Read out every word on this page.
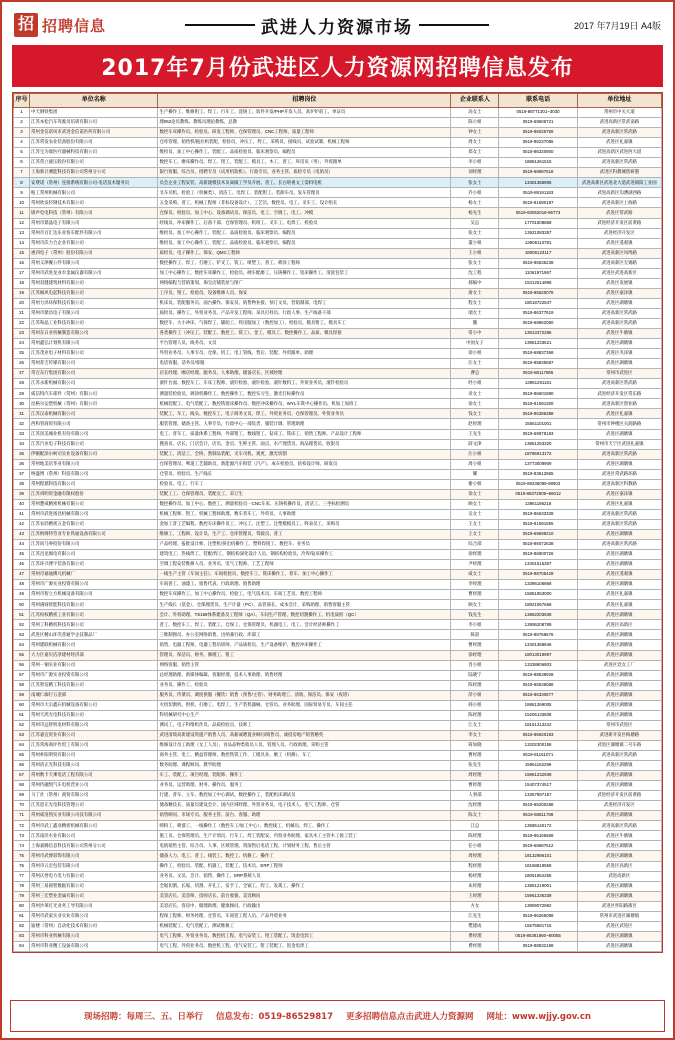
招 招聘信息	武进人力资源市场	2017 年7月19日 A4版
2017年7月份武进区人力资源网招聘信息发布
序号	单位名称	招聘岗位	企业联系人	联系电话	单位地址
1	中天钢铁集团	生产操作工、维修钳工、焊工、行车工、浇铸工、软件开发/PHP开发人员、高炉炉前工、单证员	高女士	0519-88771301~3030	常州市中关大道
2	江苏本松汽车驾驶员培训有限公司	理062论员教练、教练员理论教练、总教	陈小姐	0519-69606721	武进高新区常武南路
3	常州金信诺凤市武进金信诺医药有限公司	数控车床操作员、检验员、研发工程师、仓保管理员、CNC工程师、质量工程师	钟女士	0519-86025769	武进高新区常武路
4	江苏常发农业装备股份有限公司	仓库管理、销售机/拖拉机装配、检验员、冲压工、焊工、采购员、接线员、试验试制、机械工程师	周女士	0519-86237086	武进区礼嘉镇
5	江苏宝为康医疗器械科技有限公司	维检员、加工中心操作工、装配工、品质检验员、临床观察员、编程员	郑女士	0519-86320900	武进高新区武进西大道
6	江苏常立液压股份有限公司	数控车工、磨床操作员、焊工、钳工、装配工、模具工、木工、普工、库房员（男）、外贸跟单	李小姐	18861261515	武进高新区常武路
7	上海新计测能科技有限公司常州分公司	银行客服、综合员、招聘专员（试用机软机）、行政专员、业务主管、质检专员（电销员）	刘经理	0519-68987518	武进区科教城创研港
8	安费诺（常州）连接系统有限公司-电话技术服务员	员会企业工程安装、高新建模技术员离做工学及开展、普工、长白班视文工需料电机	张女士	13401365906	武进高新区武进北大道武进镇阳工业园
9	帕工常州机械有限公司	叉车司机、检验工（机械类）、清洁工、电焊工、装配钳工、装卸车员、发车管理员	乔小姐	0519-89191183	武进高新区沟漕湖西路
10	常州欣发轻钢技术有限公司	五金采购、普工、机械工程师（非标设备设计）、工艺员、数控员、电工、叉车工、设计组长	杨女士	0519-81690197	武进高新区上海路
11	锦声电电科技（常州）有限公司	仓保员、检验员、加工中心、设备调试员、保洁员、电工、空调工、电工、冲模	杨先生	0519-83052018-86773	武进区常武路
12	常州市鼎晶电子有限公司	经线员、冲床操作工、后备干部、仓保管理员、机组工、叉车工、电焊工、检验员	吴总	17701508858	武进经济开发区前黄路
13	常州市百汇达乐业客车配件有限公司	维检员、加工中心操作工、装配工、品质检验员、临床观察员、编程员	张女士	13921083357	武进经济开发区
14	常州市沃力合企业有限公司	维检员、加工中心操作工、装配工、品质检验员、临床观察员、编程员	董小姐	13906113781	武进区遥观镇
15	惠四电子（常州）股份有限公司	质检员、电子操作工、保安、QMC工程师	王小姐	18006123117	武进高新区凤鸣路
16	常州义津餐公件有限公司	数控操作工、焊工、打磨工、铲叉工、铣工、喷塑工、普工、喷涂工程师	张女士	0519-86535238	武进高新区无锡路
17	常州市武进龙业水金属仪器有限公司	加工中心操作工、数控车床操作工、检验员、硬车配磨工、压铸操作工、铝床操作工、清洗包装工	沈工程	11061971967	武进区武进高新区
18	常州双健建筑材料有限公司	网络编程与营销策划、淘宝店铺装屋与图广	郝编中	15312514998	武进区发展镇
19	江苏佩风电起科技有限公司	工序员、钳工、检验员、设备维修人员、保安	俞女士	0519-85520078	武进区嘉泽镇
20	常州力泽环保科技有限公司	机床员、装配服务员、面台操作、保安员、销售物业接、预订文员、营销制部、电焊工	程女士	18018722547	武进区湖塘镇
21	常州市鼎昌电子有限公司	质检员、操作工、外贸业务员、产品开发工程师、采具打样员、行政人事、生产线备干部	端女士	0519-86377519	武进高新区常武路
22	江苏和晶工业科技有限公司	数控车、大小冲床、气保焊工、辅助工、铁送服加工（数控加工）、检验员、模具钳工、模具车工	魏	0519-68862060	武进高新区常武路
23	常州东日业机械制造有限公司	各类操作工（冲压工、装配工、数控工、铣工）、金工、模具工、数控操作工、品质、模具焊接	常小中	13813372286	武进区牛塘镇
24	常州鑫弘计划机有限公司	平台管理人员、线务员、文员	中国女子	13961233621	武进区湖塘镇
25	江苏茂业电子材料有限公司	外贸业务员、人事专员、仓保、机工、电工管线、售后、装配、外贸跟单、助理	徐小姐	0519-68837368	武进区夹泽镇
26	常州荐吉传媒有限公司	电话客服、话务员/客服	汪女士	0519-85835687	武进区湖塘镇
27	常百东行集团有限公司	店长经理、咖店经理、服务员、人事助理、储备店长、区域经理	曹总	0519-88117865	常州市武进区
28	江苏永新机械有限公司	滚针台面、数控车工、车床工程师、滚针检验、滚针检验、滚针数料工、外贸业务员、滚针检验员	经小姐	13961291151	武进高新区常武路
29	威信特汽车部件（常州）有限公司	测量装检验员、调涂机操作工、数控操作工、数控实习生、激光打标操作员	章女士	0519-86601980	武进经济开发区常东路
30	昆格尔运塑机械（常州）有限公司	机械装配工、电气装配工、数控铣镗床操作员、数控冲床操作员、WYL车铣中心操作员、机加工加班工	徐女士	0519-81591300	武进高新区创业路
31	江苏汉泰机械有限公司	装配工、车工、线头、数控车工、电子商务文员、焊工、外贸业务员、仓保管理员、外贸业务员	钱女士	0519-86386388	武进区礼嘉镇
32	西和管商贸有限公司	服装管理、储备主管、人事专员、行政中心一部负责、服装计调、管理助理	赵经理	15061101001	常州市钟楼区关润路路
33	江苏顶美城业机有份有限公司	电工、普车工、质量体系工程师、外部钳工、数线钳工、钻床工、铣床工、销售工程师、产品设计工程师	王先生	0519-69878183	武进区湖塘镇
34	江苏汽业电子科技有限公司	搜查员、店长、门店会计、店员、金员、生鲜主管、面点、水产理货员、海品理货员、收银员	薛文津	13861253320	常州市天宁区武进礼嘉镇
35	伊顿配涂尔柯司实业设备有限公司	装配工、清洁工、全终、然制品装配、叉车司机、观更、激光切割	汪小姐	18796913172	武进高新区常武路
36	常州地美培华业有限公司	仓保管理员、啤道工艺辅助员、新能源汽车组装（汽产）、成车检验员、结构设计师、研发员	周小姐	13773008909	武进区湖塘镇
37	纳盛博（常州）科技有限公司	仓管员、检验员、生产线长	耀	0519-83612865	武进区常武路环路
38	常州程鼎科技有限公司	检验员、电工、行车工	谢小姐	0519-88236099-88503	武进高新区科教路
39	江苏舜明贸金融有限权股份	装配工工、仓保管理员、装配女工、采订生	徐女士	0519-88372909~86012	武进区嘉泽镇
40	常州楚威精密机械有限公司	数控操作员、加工中心、数控工、测量检验员一CNC车床、压铸机操作员、清洁工、三坐标检测员	顾女士	13961196218	武进区礼嘉镇
41	常州市武进扬昌机械有限公司	机械工程师、钳工、机械工程师助理、数车普车工、外贸员、人事助理	吴女士	0519-86633328	武进高新区常武路
42	江苏农轻精密五金有限公司	金加工普工艺编程、数控车床操作员工、冲压工、注塑工、注塑模模具工、终表员工、采购员	王女士	0519-81591555	武进高新区常武路
43	江苏纳姆特劳业专业铁通设备有限公司	维修工、工程师、设计员、生产工、仓库管理员、驾驶员、普工	王女士	0519-69699210	武进区湖塘镇
44	江苏同马界投份有限公司	产品经理、报批设计师、注塑机/挤出机操作工、塑料焊接工、数控车、业务员	综合部	0519-86072638	武进高新区常武路
45	江苏昌龙阀电有限公司	建筑电工、热线焊工、装配/焊工、钢结构深化设计人员、钢结构检验员、冷库/钻床操作工	徐经理	0519-86900726	武进区湖塘镇
46	江苏环兴博宇装备有限公司	空调工程安装维修人员、业务员、电气工程师、工艺工程师	尹经理	13401515367	武进区湖塘镇
47	常州市通通佛凡机械厂	一线生产主管（车间主任）、车间检验员、数控车工、铣床操作工、普车、加工中心操作工	威女士	0519-88705428	武进区遥观镇
48	常州市广源实业投资有限公司	车间普工、油漆工、销售代表、行政助理、销售助理	李经理	13396106868	武进区湖塘镇
49	常州市智立方机械设备有限公司	数控车床操作工、加工中心操作员、检验工、电气技术员、车间工艺员、数控工程师	曹经理	15851953000	武进区礼嘉镇
50	常州满商智能科技有限公司	生产线长（基金）、仓保理货员、生产计量（PC）、品管部长、成本会计、采购助理、销售客服主管	顾女士	18921067668	武进区礼嘉镇
51	江苏权权精密工业有限公司	会计、外贸助理、TS169体系建备及工程师（QA）、车间生产管理、数控切割操作工、机电质检（QC）	钱先生	13862203939	武进区湖塘镇
52	常州工科精机科技有限公司	普工、数控车工、焊工、装配工、仓保工、仓保管理员、机器电工、电工、会计经济师操作工	李小姐	13906208789	武进区高新区
53	武进区精山环笑普通学企技制品厂	三维制图员、办公室网络销售、出纳兼行政、库部工	陈晨	0519-88769676	武进区湖塘镇
54	常州建联机械有限公司	销售、电器工程师、电器工程培训师、产品质检员、生产设备维护、数控冲床操作工	曹经理	13401368846	武进区湖塘镇
55	大力区嘉贝洁净建材经济部	管理员、保洁员、财务、修理工、钳工	徐经理	18013019997	武进区湖塘镇
56	常州一铜实业有限公司	网络客服、销售主管	肖小姐	13338806803	武进区党女工厂
57	常州市广源实业投资有限公司	总经理助理、新媒体编辑、客服经理、技术人事助理、销售经理	陆晓宁	0519-88539928	武进区湖塘镇
58	江苏智信精工科技有限公司	业务员、操作工、检验员	陈经理	0519-85536088	武进区湖塘镇
59	南城仁廊行五金部	服务员、传菜员、调度供服（餐饮）销售（预售/主管）、财务助理工、清收、保洁员、保安（夜班）	萍小姐	0519-86330677	武进区湖塘镇
60	常州市大宗鑫石机械设备有限公司	火机切割机、钳机、打磨工、电焊工、生产装机器械、仓管员、业务助理、国际贸易专员、车间主任	韩小姐	18861269005	武进区湖塘镇
61	常州天鸿光电科技有限公司	科机械研究中心生产	陈经理	15206133508	武进区湖塘镇
62	常州市远智机电材料有限公司	测试工、电子科维机作员、品质检验员、技师工	江女士	18151213222	常州市武进区
63	江苏嘉宜贸业有限公司	武进清境高新建设筑施产销售人员、高薪诚聘置业顾问/销售员、诚招房地产销售精英	李女士	0519-86920183	武进新开发区梅塘路
64	江苏常海商评作贸工有限公司	维修设计员工助理（女工人员）、食品品物类收员人员、管理人员、行政助理、采购主管	简如晓	13202300158	武进区湖塘镇二号车路
65	常州朴阳明贸有限公司	商务主管、电工、精益管理师、数控铁铣工作、工模具业、磨工（机修）、车工	曹经理	0519-81161071	武进高新区常武路
66	常州清正光科技有限公司	数务助理、课程顾问、教学助理	张先生	15961162299	武进区湖塘镇
67	常州数卡天乘电话工程有限公司	车工、装配工、项目经理、装配师、操作工	周经理	15961232939	武进区湖塘镇
68	常州传融凯气车电机营业公司	业务员、运营助理、财务、操作员、服务工	曹经理	15407374517	武进区湖塘镇
69	马丁社（常州）商贸有限公司	行建、普车、立车、数控加工中心调试、数控操作工、装配机床调试员	人事部	13357897157	武进经济开发区前黄路
70	江苏恩正光电科技管理公司	储备精技长、质量员建设会计、国内区域经理、外贸业务员、电子技术人、电气工程师、仓管	沈经理	0519-85200288	武进经济开发区
71	常州威洛凯实业有限公司技有限公司	销售顾问、市场专员、服务主管、前台、客服、助理	陈女士	0519-68811788	武进区湖塘镇
72	常州市武工鑫业精密机械有限公司	喷粉工、喷漆工、一线操作工（数控车工/加工中心）、数控线工、机械员、焊工、操作工	江总	13585140172	武进高新区常武路
73	江苏南洋水业有限公司	施工员、仓保管理员、生产计划员、行车工、焊工装配安、内贸业务助理、家具木工主管木工接工装工	陈经理	0519-86165668	武进区牛塘镇
74	上海嘉腾信息科技有限公司常州分公司	电销销售主管、综合员、人事、区域管理、资深售后电话工程、计划财务工程、售后主管	任小姐	0519-68687512	武进区湖塘镇
75	常州市武博彩饰有限公司	储备人力、电工、普工、线装工、数控工、机修工、操作工	周经理	18132986101	武进区湖塘镇
76	常州市五宏包装有限公司	操作工、检验员、装配、机器工、装配工、技术员、ERP工程师	程经理	18168819558	武进区高新区
77	常州庆誉电力电力有限公司	业务员、文员、会计、销售、操作工、ERP系统人员	杨经理	18051952255	武进高新区
78	常州三易圆智数据有限公司	全锯切割、长锯、切割、开孔工、发手工、全锯工、焊工、发裁工、操作工	朱经理	13861219001	武进区湖塘镇
79	常州三宏塑业金属有限公司	美容店长、美容师、技师店长、前台收银、美容顾问	王经理	15961236339	武进区湖塘镇
80	常州沙莱灯光业务工导有限公司	美容店长、客房中、储理助理、健康顾问、行政输出	方女	13809072982	武进区怀阳路街区
81	常州市武家实业实业有限公司	程保工程师、财务经理、仓管员、车间管工程人员、产品外贸业务	江先生	0519-86265088	常州市武进区湖塘镇
82	迪楼（常州）自动化技术有限公司	机械装配工、电气装配工、测试维修工	樊建成	15575581715	武进区武进区
83	常州市科亚机械有限公司	电气工程师、外贸业务员、数控机工程、电气安装工、钳工装配工、饭金电焊工	费经理	0519-86381860~80055	武进区湖塘镇
84	常州市科亚精工设备有限公司	电气工程、外贸业务员、数控机工程、电气安装工、钳工装配工、饭金电焊工	费经理	0519-88532198	武进区湖塘镇
现场招聘：每周三、五、日举行 信息发布：0519-86529817 更多招聘信息点击武进人力资源网 网址：www.wjjy.gov.cn
